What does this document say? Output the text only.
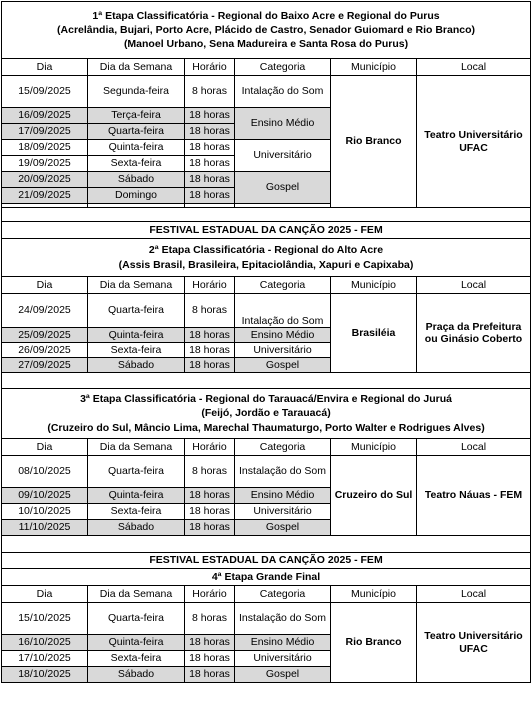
1ª Etapa Classificatória - Regional do Baixo Acre e Regional do Purus
(Acrelândia, Bujari, Porto Acre, Plácido de Castro, Senador Guiomard e Rio Branco)
(Manoel Urbano, Sena Madureira e Santa Rosa do Purus)					

Dia	Dia da Semana	Horário	Categoria	Município	Local
15/09/2025	Segunda-feira	8 horas	Intalação do Som	Rio Branco	Teatro Universitário
UFAC

16/09/2025	Terça-feira	18 horas	Ensino Médio		
17/09/2025	Quarta-feira	18 horas			
18/09/2025	Quinta-feira	18 horas	Universitário		
19/09/2025	Sexta-feira	18 horas			
20/09/2025	Sábado	18 horas	Gospel		
21/09/2025	Domingo	18 horas			

FESTIVAL ESTADUAL DA CANÇÃO 2025 - FEM					

2ª Etapa Classificatória - Regional do Alto Acre
(Assis Brasil, Brasileira, Epitaciolândia, Xapuri e Capixaba)					

Dia	Dia da Semana	Horário	Categoria	Município	Local
24/09/2025	Quarta-feira	8 horas	Intalação do Som	Brasiléia	Praça da Prefeitura
ou Ginásio Coberto

25/09/2025	Quinta-feira	18 horas	Ensino Médio		
26/09/2025	Sexta-feira	18 horas	Universitário		
27/09/2025	Sábado	18 horas	Gospel		

3ª Etapa Classificatória - Regional do Tarauacá/Envira e Regional do Juruá
(Feijó, Jordão e Tarauacá)
(Cruzeiro do Sul, Mâncio Lima, Marechal Thaumaturgo, Porto Walter e Rodrigues Alves)					

Dia	Dia da Semana	Horário	Categoria	Município	Local
08/10/2025	Quarta-feira	8 horas	Instalação do Som	Cruzeiro do Sul	Teatro Náuas - FEM
09/10/2025	Quinta-feira	18 horas	Ensino Médio		
10/10/2025	Sexta-feira	18 horas	Universitário		
11/10/2025	Sábado	18 horas	Gospel		

FESTIVAL ESTADUAL DA CANÇÃO 2025 - FEM					
4ª Etapa Grande Final					
Dia	Dia da Semana	Horário	Categoria	Município	Local
15/10/2025	Quarta-feira	8 horas	Instalação do Som	Rio Branco	Teatro Universitário
UFAC

16/10/2025	Quinta-feira	18 horas	Ensino Médio		
17/10/2025	Sexta-feira	18 horas	Universitário		
18/10/2025	Sábado	18 horas	Gospel		
